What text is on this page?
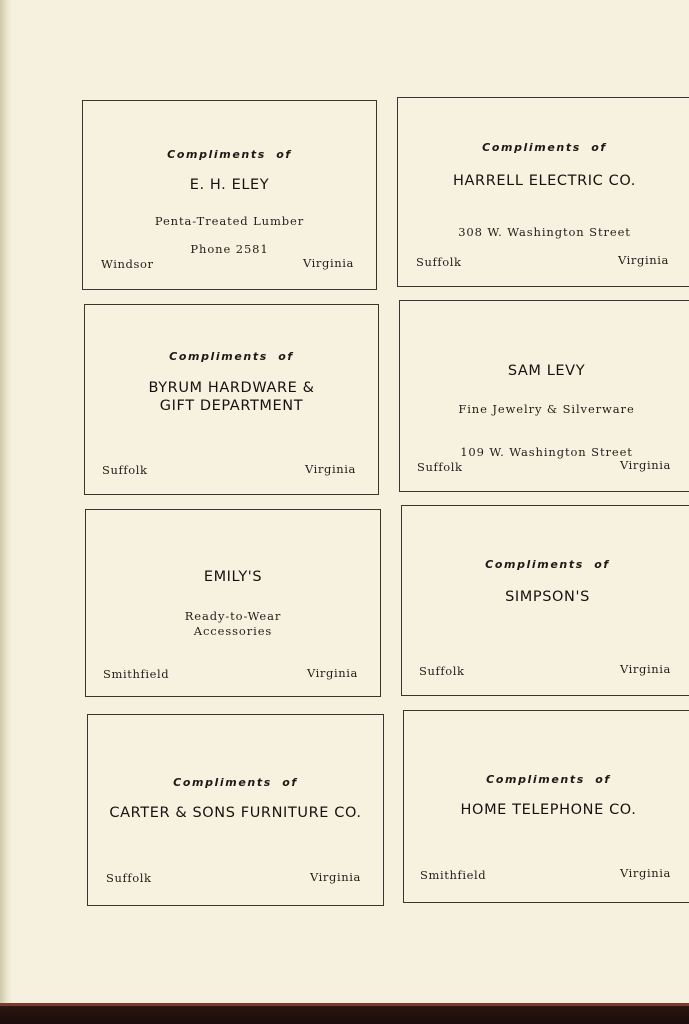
Compliments of
E. H. ELEY
Penta-Treated Lumber
Phone 2581
Windsor	Virginia
Compliments of
HARRELL ELECTRIC CO.
308 W. Washington Street
Suffolk	Virginia
Compliments of
BYRUM HARDWARE &
GIFT DEPARTMENT
Suffolk	Virginia
SAM LEVY
Fine Jewelry & Silverware
109 W. Washington Street
Suffolk	Virginia
EMILY'S
Ready-to-Wear
Accessories
Smithfield	Virginia
Compliments of
SIMPSON'S
Suffolk	Virginia
Compliments of
CARTER & SONS FURNITURE CO.
Suffolk	Virginia
Compliments of
HOME TELEPHONE CO.
Smithfield	Virginia
